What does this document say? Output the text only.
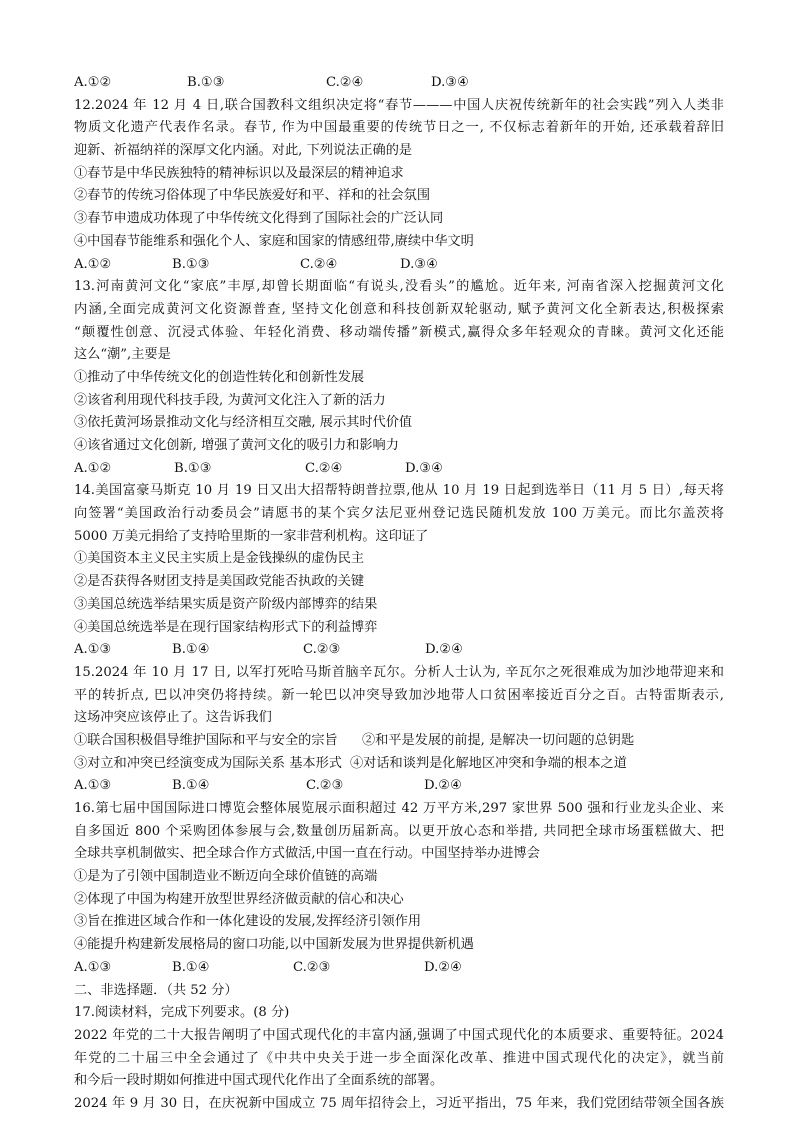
A.①②	B.①③	C.②④	D.③④
12.2024 年 12 月 4 日,联合国教科文组织决定将“春节———中国人庆祝传统新年的社会实践”列入人类非
物质文化遗产代表作名录。春节, 作为中国最重要的传统节日之一, 不仅标志着新年的开始, 还承载着辞旧
迎新、祈福纳祥的深厚文化内涵。对此, 下列说法正确的是
①春节是中华民族独特的精神标识以及最深层的精神追求
②春节的传统习俗体现了中华民族爱好和平、祥和的社会氛围
③春节申遗成功体现了中华传统文化得到了国际社会的广泛认同
④中国春节能维系和强化个人、家庭和国家的情感纽带,赓续中华文明
A.①②	B.①③	C.②④	D.③④
13.河南黄河文化“家底”丰厚,却曾长期面临“有说头,没看头”的尴尬。近年来, 河南省深入挖掘黄河文化
内涵,全面完成黄河文化资源普查, 坚持文化创意和科技创新双轮驱动, 赋予黄河文化全新表达,积极探索
“颠覆性创意、沉浸式体验、年轻化消费、移动端传播”新模式,赢得众多年轻观众的青睐。黄河文化还能
这么“潮”,主要是
①推动了中华传统文化的创造性转化和创新性发展
②该省利用现代科技手段, 为黄河文化注入了新的活力
③依托黄河场景推动文化与经济相互交融, 展示其时代价值
④该省通过文化创新, 增强了黄河文化的吸引力和影响力
A.①②	B.①③	C.②④	D.③④
14.美国富豪马斯克 10 月 19 日又出大招帮特朗普拉票,他从 10 月 19 日起到选举日（11 月 5 日）,每天将
向签署“美国政治行动委员会”请愿书的某个宾夕法尼亚州登记选民随机发放 100 万美元。而比尔盖茨将
5000 万美元捐给了支持哈里斯的一家非营利机构。这印证了
①美国资本主义民主实质上是金钱操纵的虚伪民主
②是否获得各财团支持是美国政党能否执政的关键
③美国总统选举结果实质是资产阶级内部博弈的结果
④美国总统选举是在现行国家结构形式下的利益博弈
A.①③	B.①④	C.②③	D.②④
15.2024 年 10 月 17 日, 以军打死哈马斯首脑辛瓦尔。分析人士认为, 辛瓦尔之死很难成为加沙地带迎来和
平的转折点, 巴以冲突仍将持续。新一轮巴以冲突导致加沙地带人口贫困率接近百分之百。古特雷斯表示,
这场冲突应该停止了。这告诉我们
①联合国积极倡导维护国际和平与安全的宗旨 ②和平是发展的前提, 是解决一切问题的总钥匙
③对立和冲突已经演变成为国际关系 基本形式 ④对话和谈判是化解地区冲突和争端的根本之道
A.①③	B.①④	C.②③	D.②④
16.第七届中国国际进口博览会整体展览展示面积超过 42 万平方米,297 家世界 500 强和行业龙头企业、来
自多国近 800 个采购团体参展与会,数量创历届新高。以更开放心态和举措, 共同把全球市场蛋糕做大、把
全球共享机制做实、把全球合作方式做活,中国一直在行动。中国坚持举办进博会
①是为了引领中国制造业不断迈向全球价值链的高端
②体现了中国为构建开放型世界经济做贡献的信心和决心
③旨在推进区域合作和一体化建设的发展,发挥经济引领作用
④能提升构建新发展格局的窗口功能,以中国新发展为世界提供新机遇
A.①③	B.①④	C.②③	D.②④
二、非选择题．（共 52 分）
17.阅读材料，完成下列要求。(8 分)
2022 年党的二十大报告阐明了中国式现代化的丰富内涵,强调了中国式现代化的本质要求、重要特征。2024
年党的二十届三中全会通过了《中共中央关于进一步全面深化改革、推进中国式现代化的决定》，就当前
和今后一段时期如何推进中国式现代化作出了全面系统的部署。
2024 年 9 月 30 日，在庆祝新中国成立 75 周年招待会上，习近平指出，75 年来，我们党团结带领全国各族
